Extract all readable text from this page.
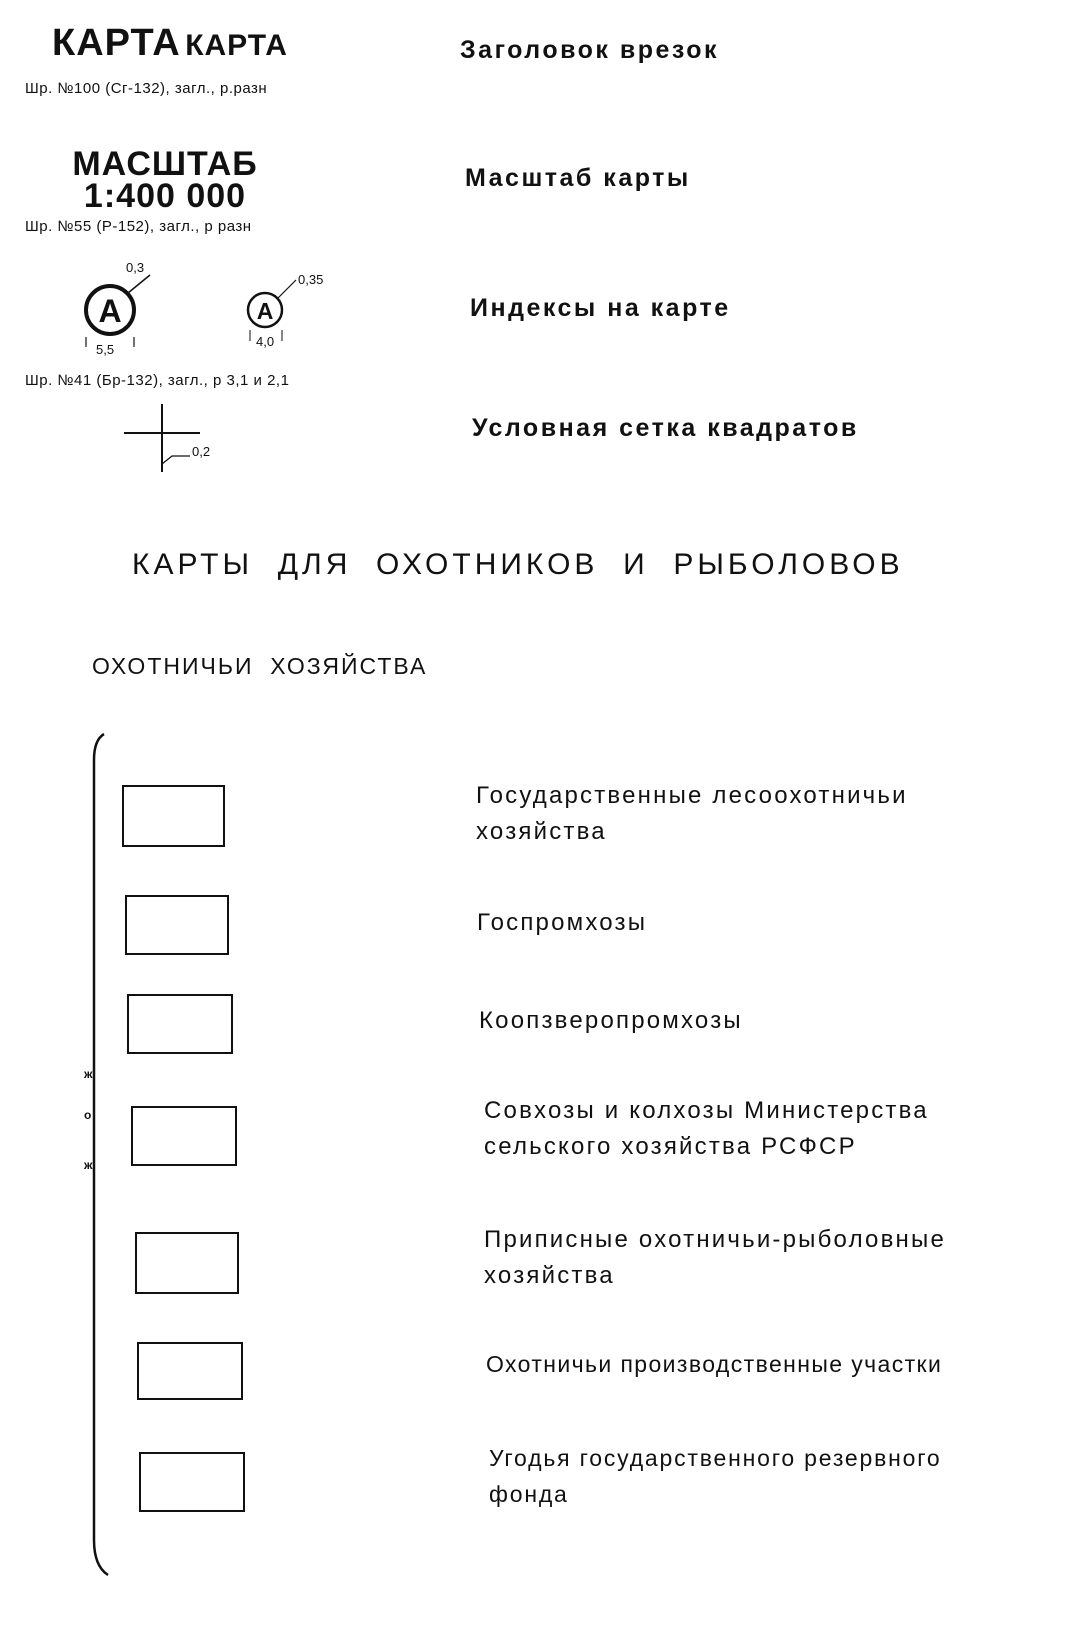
КАРТА КАРТА
Шр. №100 (Сг-132), загл., р.разн
Заголовок врезок
МАСШТАБ
1:400 000
Шр. №55 (Р-152), загл., р разн
Масштаб карты
A	A
0,3
5,5
0,35
4,0
Шр. №41 (Бр-132), загл., р 3,1 и 2,1
Индексы на карте
0,2
Условная сетка квадратов
КАРТЫ  ДЛЯ  ОХОТНИКОВ  И  РЫБОЛОВОВ
ОХОТНИЧЬИ  ХОЗЯЙСТВА
ж
о
ж
Государственные лесоохотничьи
хозяйства
Госпромхозы
Коопзверопромхозы
Совхозы и колхозы Министерства
сельского хозяйства РСФСР
Приписные охотничьи-рыболовные
хозяйства
Охотничьи производственные участки
Угодья государственного резервного
фонда
